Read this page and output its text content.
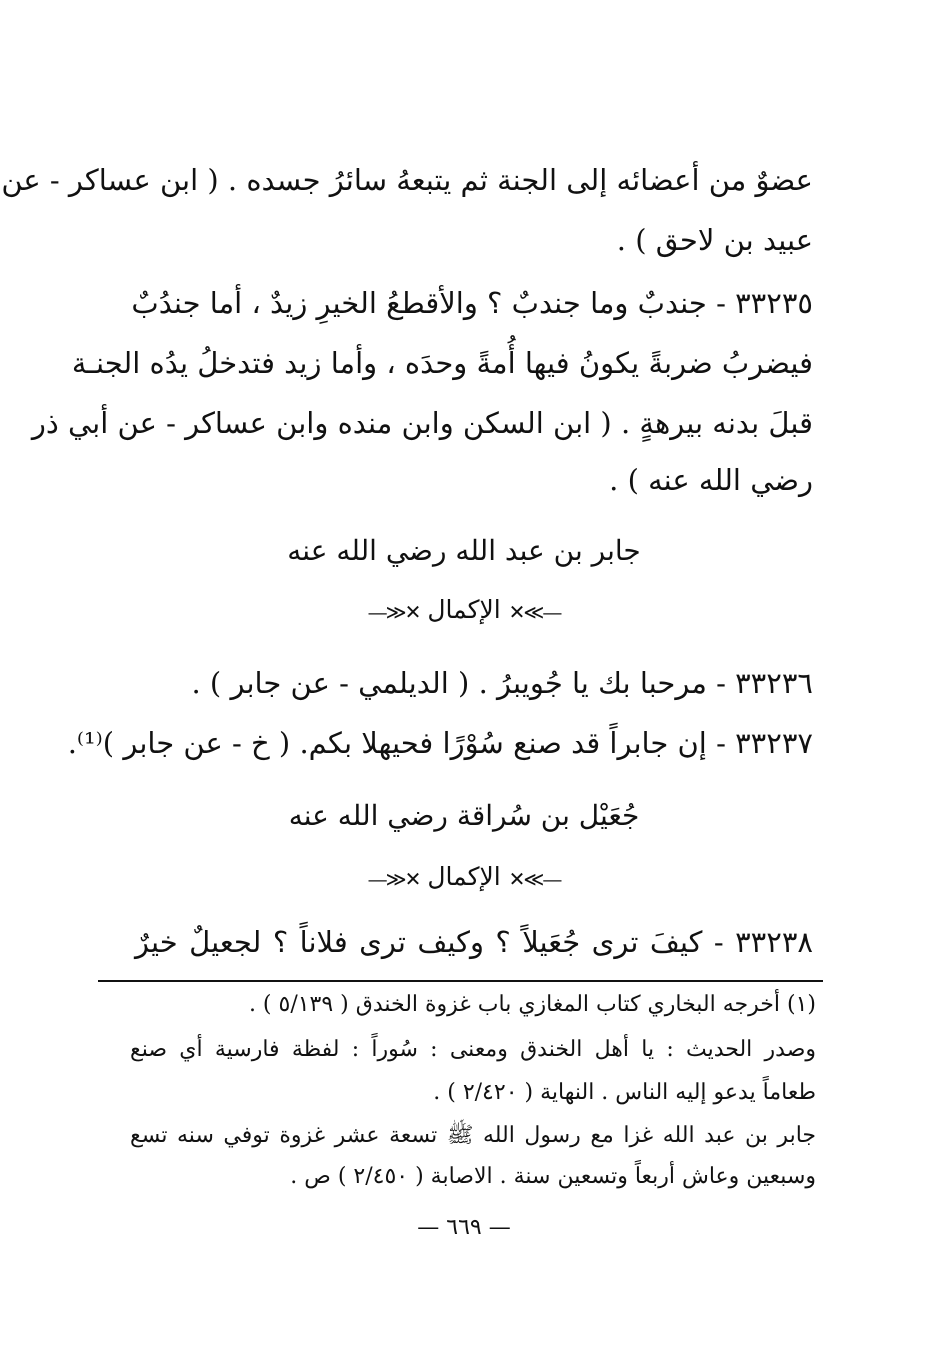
عضوٌ من أعضائه إلى الجنة ثم يتبعهُ سائرُ جسده . ( ابن عساكر - عن
عبيد بن لاحق ) .
٣٣٢٣٥ - جندبٌ وما جندبٌ ؟ والأقطعُ الخيرِ زيدٌ ، أما جندُبٌ
فيضربُ ضربةً يكونُ فيها أُمةً وحدَه ، وأما زيد فتدخلُ يدُه الجنـة
قبلَ بدنه بيرهةٍ . ( ابن السكن وابن منده وابن عساكر - عن أبي ذر
رضي الله عنه ) .
جابر بن عبد الله رضي الله عنه
—≫✕الإكمال✕≪—
٣٣٢٣٦ - مرحبا بك يا جُويبرُ . ( الديلمي - عن جابر ) .
٣٣٢٣٧ - إن جابراً قد صنع سُوْرًا فحيهلا بكم. ( خ - عن جابر )⁽¹⁾.
جُعَيْل بن سُراقة رضي الله عنه
—≫✕الإكمال✕≪—
٣٣٢٣٨ - كيفَ ترى جُعَيلاً ؟ وكيف ترى فلاناً ؟ لجعيلٌ خيرٌ
(١) أخرجه البخاري كتاب المغازي باب غزوة الخندق ( ٥/١٣٩ ) .
وصدر الحديث : يا أهل الخندق ومعنى : سُوراً : لفظة فارسية أي صنع
طعاماً يدعو إليه الناس . النهاية ( ٢/٤٢٠ ) .
جابر بن عبد الله غزا مع رسول الله ﷺ تسعة عشر غزوة توفي سنه تسع
وسبعين وعاش أربعاً وتسعين سنة . الاصابة ( ٢/٤٥٠ ) ص .
— ٦٦٩ —
